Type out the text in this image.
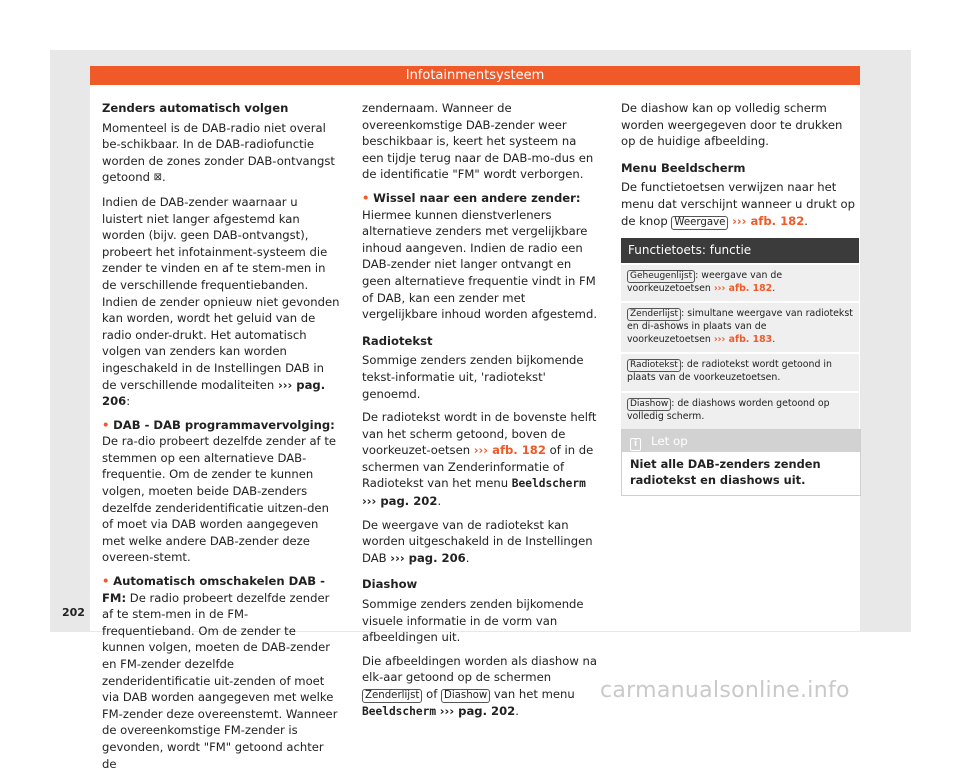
Infotainmentsysteem

Zenders automatisch volgen

Momenteel is de DAB-radio niet overal be-schikbaar. In de DAB-radiofunctie worden de zones zonder DAB-ontvangst getoond ⊠.

Indien de DAB-zender waarnaar u luistert niet langer afgestemd kan worden (bijv. geen DAB-ontvangst), probeert het infotainment-systeem die zender te vinden en af te stem-men in de verschillende frequentiebanden. Indien de zender opnieuw niet gevonden kan worden, wordt het geluid van de radio onder-drukt. Het automatisch volgen van zenders kan worden ingeschakeld in de Instellingen DAB in de verschillende modaliteiten ››› pag. 206:

• DAB - DAB programmavervolging: De ra-dio probeert dezelfde zender af te stemmen op een alternatieve DAB-frequentie. Om de zender te kunnen volgen, moeten beide DAB-zenders dezelfde zenderidentificatie uitzen-den of moet via DAB worden aangegeven met welke andere DAB-zender deze overeen-stemt.

• Automatisch omschakelen DAB - FM: De radio probeert dezelfde zender af te stem-men in de FM-frequentieband. Om de zender te kunnen volgen, moeten de DAB-zender en FM-zender dezelfde zenderidentificatie uit-zenden of moet via DAB worden aangegeven met welke FM-zender deze overeenstemt. Wanneer de overeenkomstige FM-zender is gevonden, wordt "FM" getoond achter de

zendernaam. Wanneer de overeenkomstige DAB-zender weer beschikbaar is, keert het systeem na een tijdje terug naar de DAB-mo-dus en de identificatie "FM" wordt verborgen.

• Wissel naar een andere zender: Hiermee kunnen dienstverleners alternatieve zenders met vergelijkbare inhoud aangeven. Indien de radio een DAB-zender niet langer ontvangt en geen alternatieve frequentie vindt in FM of DAB, kan een zender met vergelijkbare inhoud worden afgestemd.

Radiotekst

Sommige zenders zenden bijkomende tekst-informatie uit, 'radiotekst' genoemd.

De radiotekst wordt in de bovenste helft van het scherm getoond, boven de voorkeuzet-oetsen ››› afb. 182 of in de schermen van Zenderinformatie of Radiotekst van het menu Beeldscherm ››› pag. 202.

De weergave van de radiotekst kan worden uitgeschakeld in de Instellingen DAB ››› pag. 206.

Diashow

Sommige zenders zenden bijkomende visuele informatie in de vorm van afbeeldingen uit.

Die afbeeldingen worden als diashow na elk-aar getoond op de schermen Zenderlijst of Diashow van het menu Beeldscherm ››› pag. 202.

De diashow kan op volledig scherm worden weergegeven door te drukken op de huidige afbeelding.

Menu Beeldscherm

De functietoetsen verwijzen naar het menu dat verschijnt wanneer u drukt op de knop Weergave ››› afb. 182.

Functietoets: functie
Geheugenlijst : weergave van de voorkeuzetoetsen ››› afb. 182.
Zenderlijst : simultane weergave van radiotekst en di-ashows in plaats van de voorkeuzetoetsen ››› afb. 183.
Radiotekst : de radiotekst wordt getoond in plaats van de voorkeuzetoetsen.
Diashow : de diashows worden getoond op volledig scherm.
i Let op
Niet alle DAB-zenders zenden radiotekst en diashows uit.
202
carmanualsonline.info
